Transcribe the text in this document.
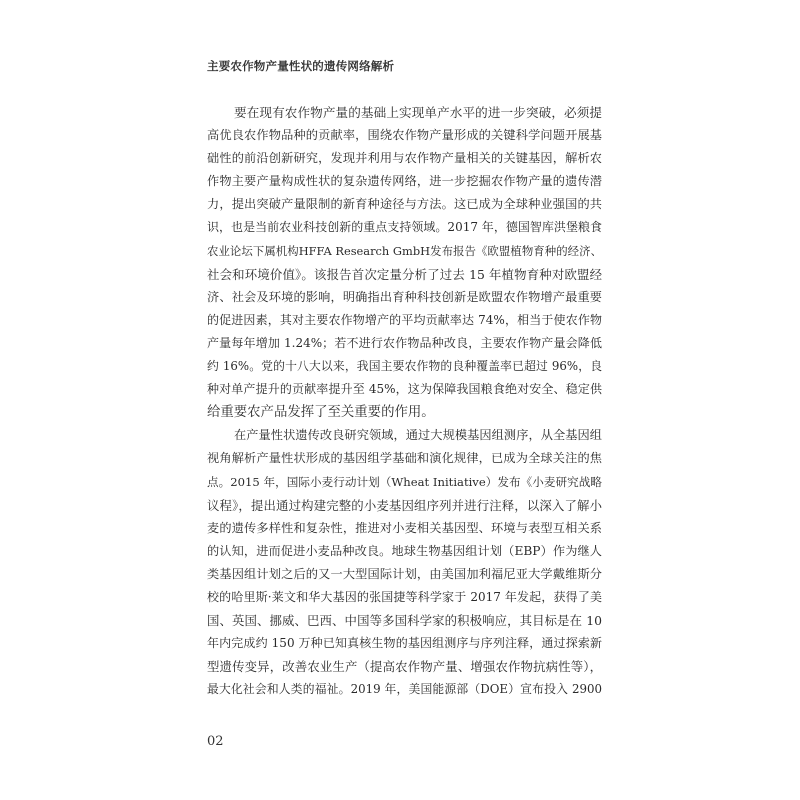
主要农作物产量性状的遗传网络解析
要在现有农作物产量的基础上实现单产水平的进一步突破，必须提
高优良农作物品种的贡献率，围绕农作物产量形成的关键科学问题开展基
础性的前沿创新研究，发现并利用与农作物产量相关的关键基因，解析农
作物主要产量构成性状的复杂遗传网络，进一步挖掘农作物产量的遗传潜
力，提出突破产量限制的新育种途径与方法。这已成为全球种业强国的共
识，也是当前农业科技创新的重点支持领域。2017 年，德国智库洪堡粮食
农业论坛下属机构HFFA Research GmbH发布报告《欧盟植物育种的经济、
社会和环境价值》。该报告首次定量分析了过去 15 年植物育种对欧盟经
济、社会及环境的影响，明确指出育种科技创新是欧盟农作物增产最重要
的促进因素，其对主要农作物增产的平均贡献率达 74%，相当于使农作物
产量每年增加 1.24%；若不进行农作物品种改良，主要农作物产量会降低
约 16%。党的十八大以来，我国主要农作物的良种覆盖率已超过 96%，良
种对单产提升的贡献率提升至 45%，这为保障我国粮食绝对安全、稳定供
给重要农产品发挥了至关重要的作用。
在产量性状遗传改良研究领域，通过大规模基因组测序，从全基因组
视角解析产量性状形成的基因组学基础和演化规律，已成为全球关注的焦
点。2015 年，国际小麦行动计划（Wheat Initiative）发布《小麦研究战略
议程》，提出通过构建完整的小麦基因组序列并进行注释，以深入了解小
麦的遗传多样性和复杂性，推进对小麦相关基因型、环境与表型互相关系
的认知，进而促进小麦品种改良。地球生物基因组计划（EBP）作为继人
类基因组计划之后的又一大型国际计划，由美国加利福尼亚大学戴维斯分
校的哈里斯·莱文和华大基因的张国捷等科学家于 2017 年发起，获得了美
国、英国、挪威、巴西、中国等多国科学家的积极响应，其目标是在 10
年内完成约 150 万种已知真核生物的基因组测序与序列注释，通过探索新
型遗传变异，改善农业生产（提高农作物产量、增强农作物抗病性等），
最大化社会和人类的福祉。2019 年，美国能源部（DOE）宣布投入 2900
02
